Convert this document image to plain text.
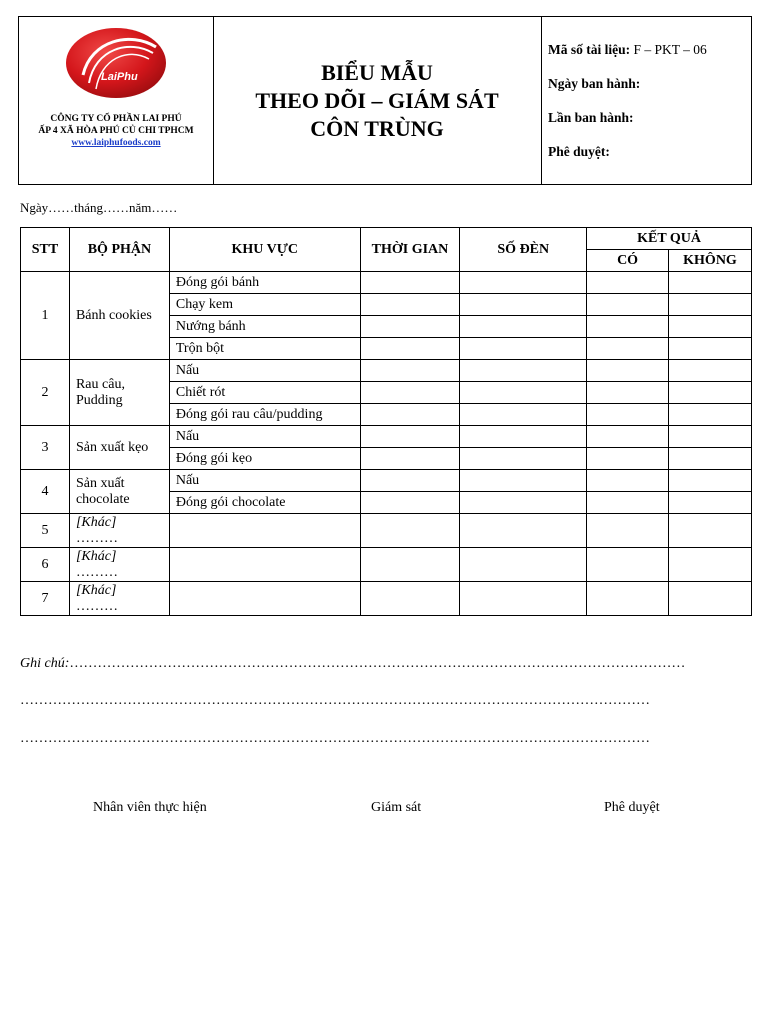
LaiPhu
CÔNG TY CỔ PHẦN LAI PHÚ
ẤP 4 XÃ HÒA PHÚ CỦ CHI TPHCM
www.laiphufoods.com
BIỂU MẪU
THEO DÕI – GIÁM SÁT
CÔN TRÙNG
Mã số tài liệu: F – PKT – 06
Ngày ban hành:
Lần ban hành:
Phê duyệt:
Ngày……tháng……năm……
STT	BỘ PHẬN	KHU VỰC	THỜI GIAN	SỐ ĐÈN	KẾT QUẢ	
					CÓ	KHÔNG
1	Bánh cookies	Đóng gói bánh				
		Chạy kem				
		Nướng bánh				
		Trộn bột				
2	Rau câu,
Pudding	Nấu				
		Chiết rót				
		Đóng gói rau câu/pudding				
3	Sản xuất kẹo	Nấu				
		Đóng gói kẹo				
4	Sản xuất
chocolate	Nấu				
		Đóng gói chocolate				
5	[Khác]
………					

6	[Khác]
………					

7	[Khác]
………					

Ghi chú:……………………………………………………………………………………………………………………
………………………………………………………………………………………………………………………
………………………………………………………………………………………………………………………
Nhân viên thực hiện	Giám sát	Phê duyệt
